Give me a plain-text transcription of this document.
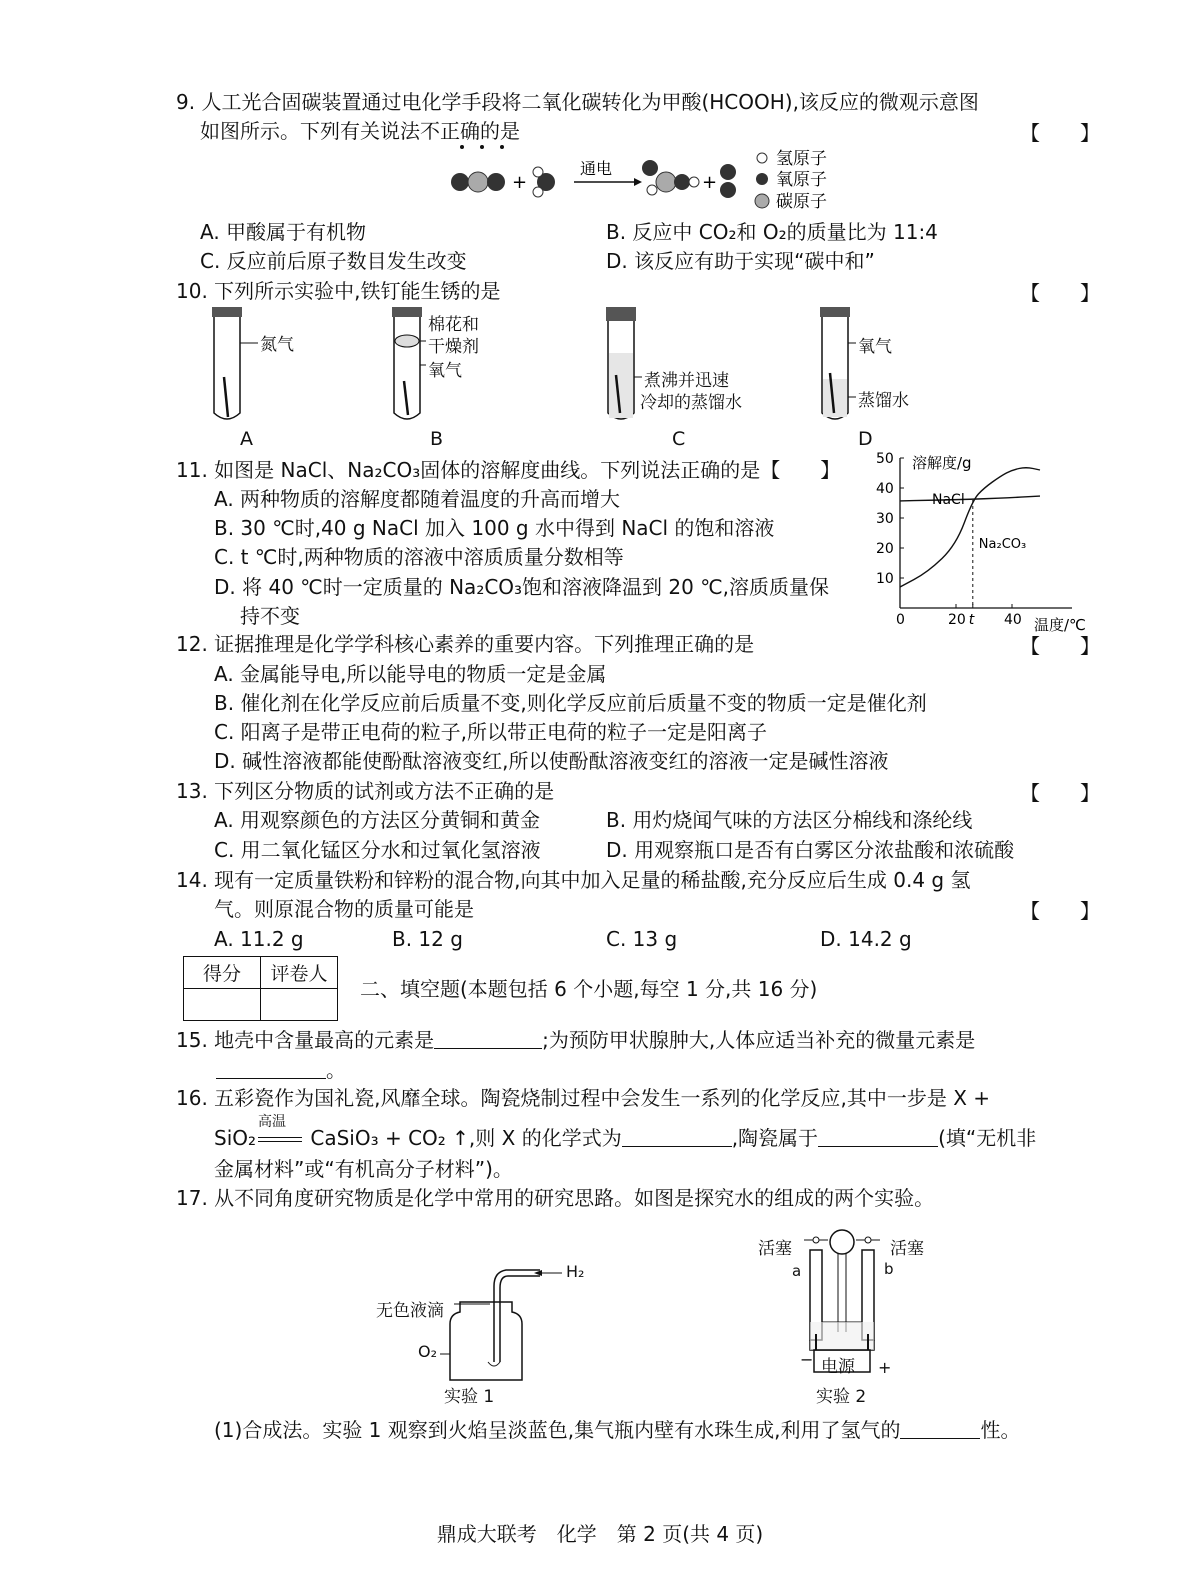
9. 人工光合固碳装置通过电化学手段将二氧化碳转化为甲酸(HCOOH),该反应的微观示意图
如图所示。下列有关说法不正确的是	【　　】
+
通电
+
氢原子
氧原子
碳原子
A. 甲酸属于有机物	B. 反应中 CO₂和 O₂的质量比为 11:4
C. 反应前后原子数目发生改变	D. 该反应有助于实现“碳中和”
10. 下列所示实验中,铁钉能生锈的是	【　　】
氮气
棉花和
干燥剂
氧气	煮沸并迅速
冷却的蒸馏水
氧气
蒸馏水
A	B	C	D
11. 如图是 NaCl、Na₂CO₃固体的溶解度曲线。下列说法正确的是【　　】
A. 两种物质的溶解度都随着温度的升高而增大
B. 30 ℃时,40 g NaCl 加入 100 g 水中得到 NaCl 的饱和溶液
C. t ℃时,两种物质的溶液中溶质质量分数相等
D. 将 40 ℃时一定质量的 Na₂CO₃饱和溶液降温到 20 ℃,溶质质量保
持不变
10
20
30
40
50
0	20 t 40
NaCl
Na₂CO₃
溶解度/g
温度/℃
12. 证据推理是化学学科核心素养的重要内容。下列推理正确的是	【　　】
A. 金属能导电,所以能导电的物质一定是金属
B. 催化剂在化学反应前后质量不变,则化学反应前后质量不变的物质一定是催化剂
C. 阳离子是带正电荷的粒子,所以带正电荷的粒子一定是阳离子
D. 碱性溶液都能使酚酞溶液变红,所以使酚酞溶液变红的溶液一定是碱性溶液
13. 下列区分物质的试剂或方法不正确的是	【　　】
A. 用观察颜色的方法区分黄铜和黄金	B. 用灼烧闻气味的方法区分棉线和涤纶线
C. 用二氧化锰区分水和过氧化氢溶液	D. 用观察瓶口是否有白雾区分浓盐酸和浓硫酸
14. 现有一定质量铁粉和锌粉的混合物,向其中加入足量的稀盐酸,充分反应后生成 0.4 g 氢
气。则原混合物的质量可能是	【　　】
A. 11.2 g	B. 12 g	C. 13 g	D. 14.2 g
得分	评卷人

二、填空题(本题包括 6 个小题,每空 1 分,共 16 分)
15. 地壳中含量最高的元素是	;为预防甲状腺肿大,人体应适当补充的微量元素是
。
16. 五彩瓷作为国礼瓷,风靡全球。陶瓷烧制过程中会发生一系列的化学反应,其中一步是 X +
SiO₂
高温
CaSiO₃ + CO₂ ↑,则 X 的化学式为	,陶瓷属于	(填“无机非
金属材料”或“有机高分子材料”)。
17. 从不同角度研究物质是化学中常用的研究思路。如图是探究水的组成的两个实验。
H₂
无色液滴
O₂
实验 1
活塞	活塞
a	b
电源
−	+
实验 2
(1)合成法。实验 1 观察到火焰呈淡蓝色,集气瓶内壁有水珠生成,利用了氢气的	性。
鼎成大联考　化学　第 2 页(共 4 页)
